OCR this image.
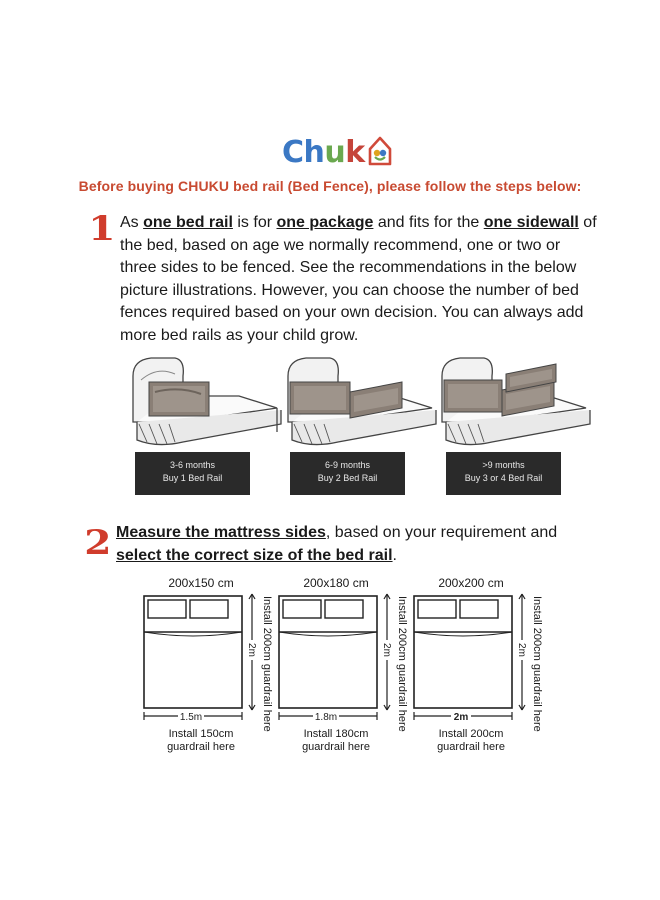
Ch u k
Before buying CHUKU bed rail (Bed Fence), please follow the steps below:
1 As one bed rail is for one package and fits for the one sidewall of the bed, based on age we normally recommend, one or two or three sides to be fenced. See the recommendations in the below picture illustrations. However, you can choose the number of bed fences required based on your own decision. You can always add more bed rails as your child grow.
3-6 months
Buy 1 Bed Rail
6-9 months
Buy 2 Bed Rail
>9 months
Buy 3 or 4 Bed Rail
2 Measure the mattress sides, based on your requirement and select the correct size of the bed rail.
200x150 cm
1.5m
2m Install 200cm guardrail here
Install 150cm
guardrail here
200x180 cm
1.8m
2m Install 200cm guardrail here
Install 180cm
guardrail here
200x200 cm
2m
2m Install 200cm guardrail here
Install 200cm
guardrail here
